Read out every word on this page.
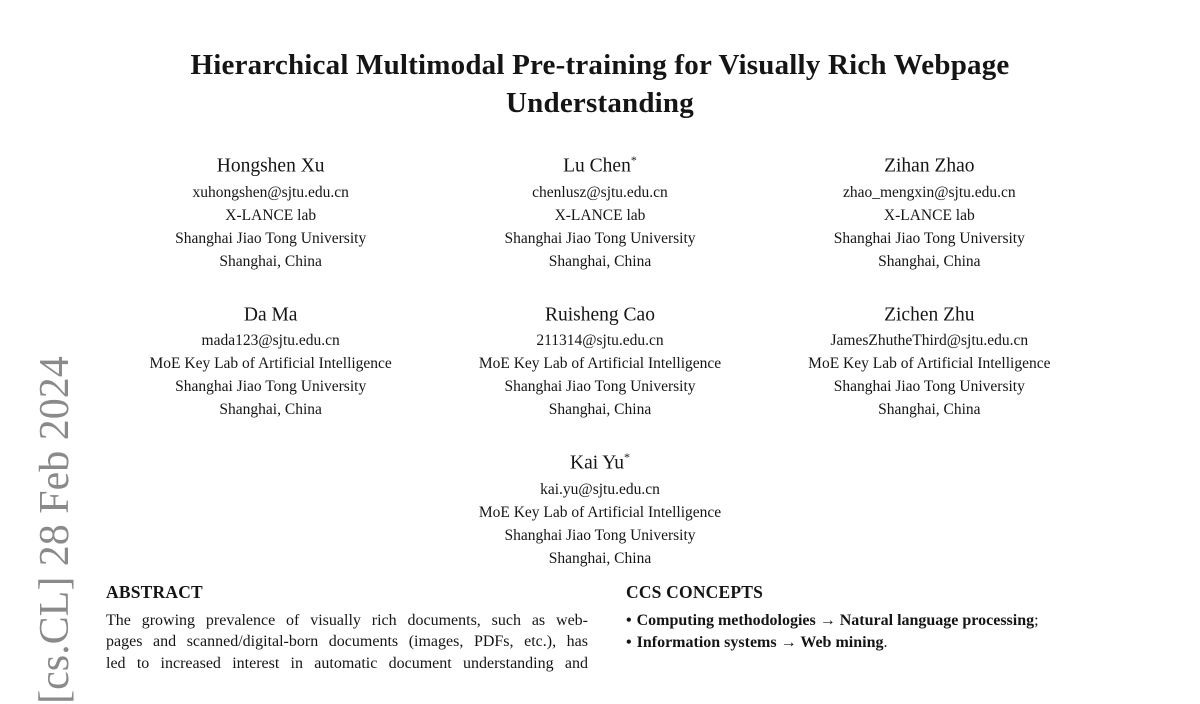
[cs.CL] 28 Feb 2024
Hierarchical Multimodal Pre-training for Visually Rich Webpage Understanding
Hongshen Xu
xuhongshen@sjtu.edu.cn
X-LANCE lab
Shanghai Jiao Tong University
Shanghai, China
Lu Chen*
chenlusz@sjtu.edu.cn
X-LANCE lab
Shanghai Jiao Tong University
Shanghai, China
Zihan Zhao
zhao_mengxin@sjtu.edu.cn
X-LANCE lab
Shanghai Jiao Tong University
Shanghai, China
Da Ma
mada123@sjtu.edu.cn
MoE Key Lab of Artificial Intelligence
Shanghai Jiao Tong University
Shanghai, China
Ruisheng Cao
211314@sjtu.edu.cn
MoE Key Lab of Artificial Intelligence
Shanghai Jiao Tong University
Shanghai, China
Zichen Zhu
JamesZhutheThird@sjtu.edu.cn
MoE Key Lab of Artificial Intelligence
Shanghai Jiao Tong University
Shanghai, China
Kai Yu*
kai.yu@sjtu.edu.cn
MoE Key Lab of Artificial Intelligence
Shanghai Jiao Tong University
Shanghai, China
ABSTRACT
The growing prevalence of visually rich documents, such as web-
pages and scanned/digital-born documents (images, PDFs, etc.), has
led to increased interest in automatic document understanding and
CCS CONCEPTS
• Computing methodologies → Natural language processing;
• Information systems → Web mining.
